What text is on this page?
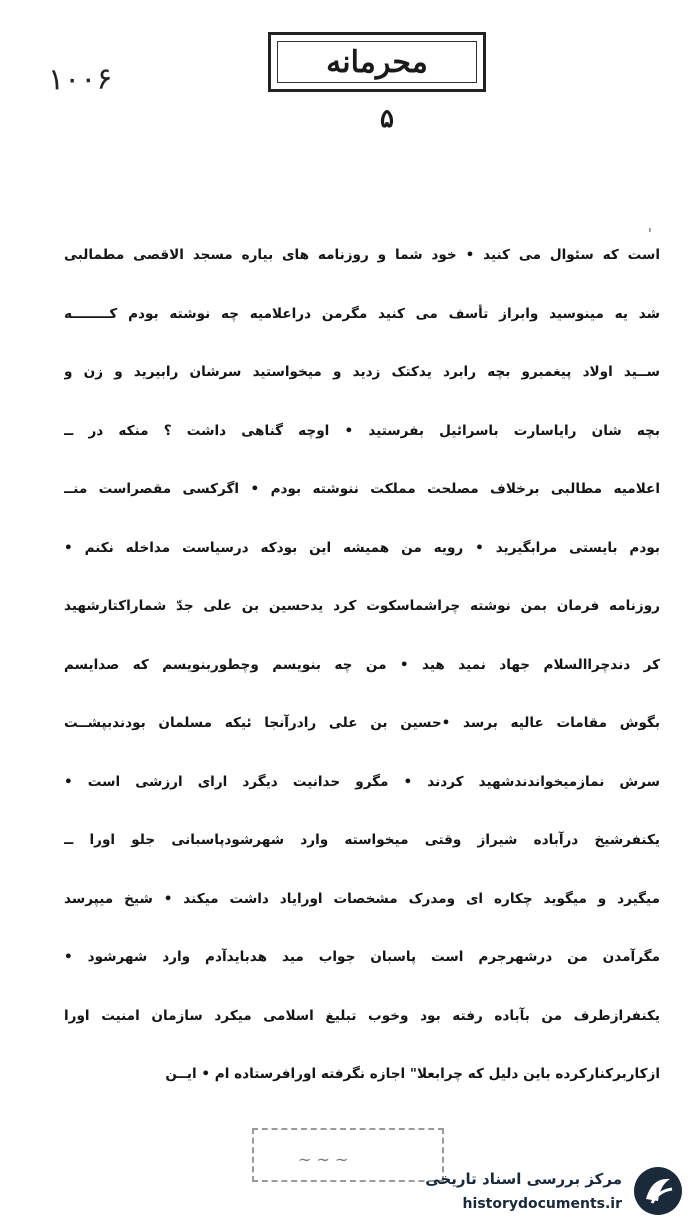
۱۰۰۶	محرمانه
۵
ˌ
است که سئوال می کنید • خود شما و روزنامه های بیاره مسجد الاقصی مطمالبی
شد یه مینوسید وابراز تأسف می کنید مگرمن دراعلامیه چه نوشته بودم کــــــــه
ســید اولاد پیغمبرو بچه رابرد یدکتک زدید و میخواستید سرشان رابیرید و زن و
بچه شان رایاسارت باسرائیل بفرستید • اوچه گناهی داشت ؟ منکه در ــ
اعلامیه مطالبی برخلاف مصلحت مملکت ننوشته بودم • اگرکسی مقصراست منــ
بودم بایستی مرابگیرید • رویه من همیشه این بودکه درسیاست مداخله نکنم •
روزنامه فرمان بمن نوشته چراشماسکوت کرد یدحسین بن علی جدّ شماراکتارشهید
کر دندچراالسلام جهاد نمید هید • من چه بنویسم وچطوربنویسم که صدایسم
بگوش مقامات عالیه برسد •حسین بن علی رادرآنجا ئیکه مسلمان بودندبپشــت
سرش نمازمیخواندندشهید کردند • مگرو حدانیت دیگرد ارای ارزشی است •
یکنفرشیخ درآباده شیراز وقتی میخواسته وارد شهرشودپاسبانی جلو اورا ــ
میگیرد و میگوید چکاره ای ومدرک مشخصات اورایاد داشت میکند • شیخ میپرسد
مگرآمدن من درشهرجرم است پاسبان جواب مید هدبایدآدم وارد شهرشود •
یکنفرازطرف من بآباده رفته بود وخوب تبلیغ اسلامی میکرد سازمان امنیت اورا
ازکاربرکنارکرده باین دلیل که چرابعلا" اجازه نگرفته اورافرستاده ام • ایــن
~ ~ ~
مرکز بررسی اسناد تاریخی
historydocuments.ir
